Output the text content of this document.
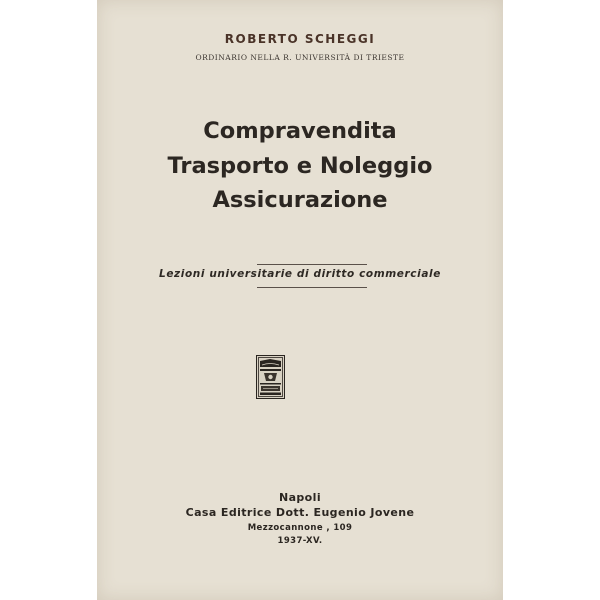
ROBERTO SCHEGGI
ORDINARIO NELLA R. UNIVERSITÀ DI TRIESTE
Compravendita
Trasporto e Noleggio
Assicurazione
Lezioni universitarie di diritto commerciale
Napoli
Casa Editrice Dott. Eugenio Jovene
Mezzocannone , 109
1937-XV.
